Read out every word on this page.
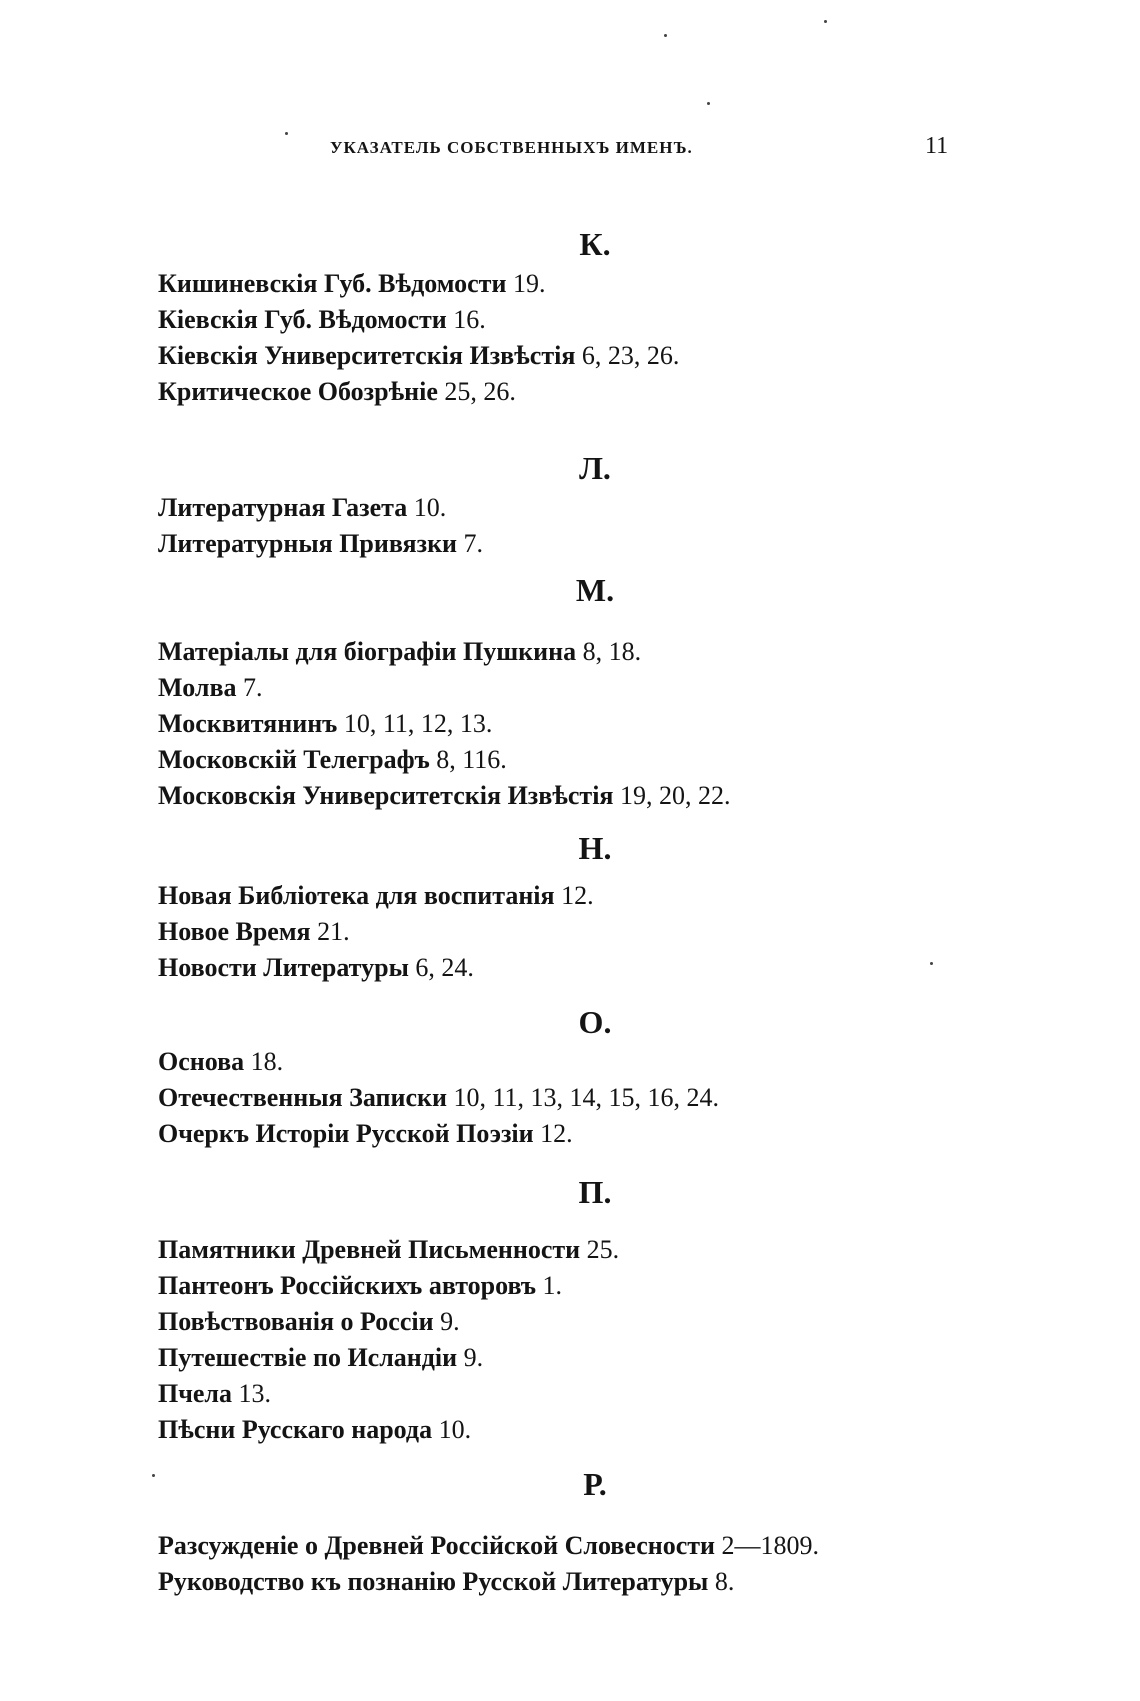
УКАЗАТЕЛЬ СОБСТВЕННЫХЪ ИМЕНЪ.	11
К.
Кишиневскія Губ. Вѣдомости 19.
Кіевскія Губ. Вѣдомости 16.
Кіевскія Университетскія Извѣстія 6, 23, 26.
Критическое Обозрѣніе 25, 26.
Л.
Литературная Газета 10.
Литературныя Привязки 7.
М.
Матеріалы для біографіи Пушкина 8, 18.
Молва 7.
Москвитянинъ 10, 11, 12, 13.
Московскій Телеграфъ 8, 116.
Московскія Университетскія Извѣстія 19, 20, 22.
Н.
Новая Библіотека для воспитанія 12.
Новое Время 21.
Новости Литературы 6, 24.
О.
Основа 18.
Отечественныя Записки 10, 11, 13, 14, 15, 16, 24.
Очеркъ Исторіи Русской Поэзіи 12.
П.
Памятники Древней Письменности 25.
Пантеонъ Россійскихъ авторовъ 1.
Повѣствованія о Россіи 9.
Путешествіе по Исландіи 9.
Пчела 13.
Пѣсни Русскаго народа 10.
Р.
Разсужденіе о Древней Россійской Словесности 2—1809.
Руководство къ познанію Русской Литературы 8.
